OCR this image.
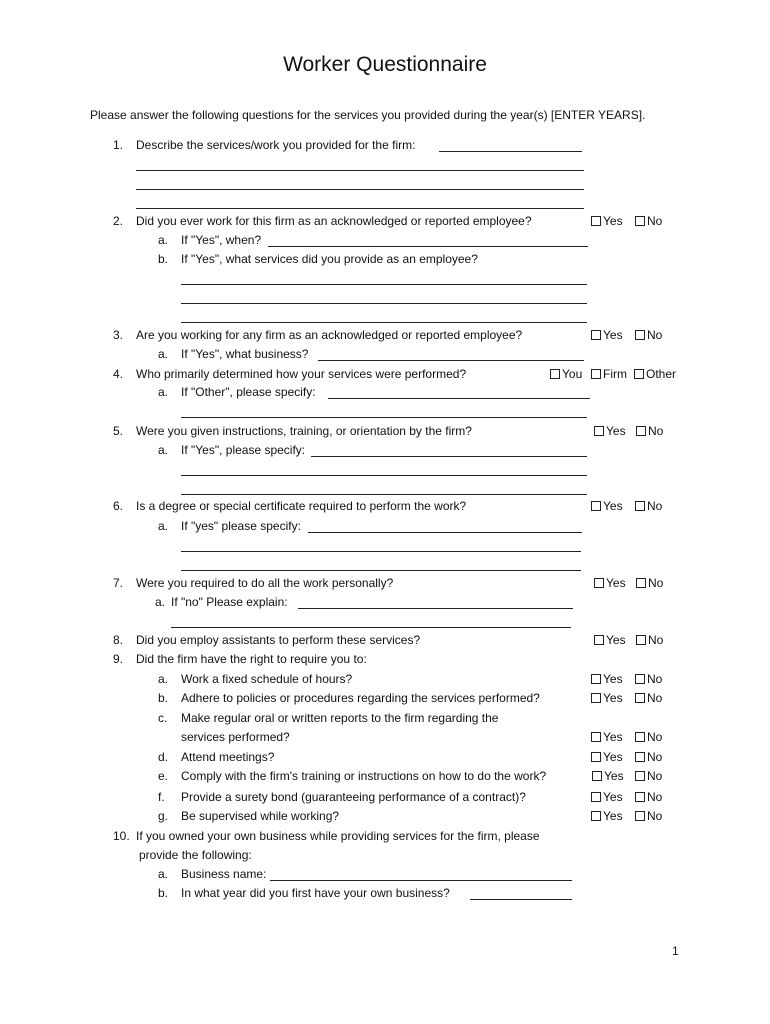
Worker Questionnaire
Please answer the following questions for the services you provided during the year(s) [ENTER YEARS].
1. Describe the services/work you provided for the firm:
2. Did you ever work for this firm as an acknowledged or reported employee?	Yes	No
a. If "Yes", when?
b. If "Yes", what services did you provide as an employee?
3. Are you working for any firm as an acknowledged or reported employee?	Yes	No
a. If "Yes", what business?
4. Who primarily determined how your services were performed?	You	Firm	Other
a. If "Other", please specify:
5. Were you given instructions, training, or orientation by the firm?	Yes	No
a. If "Yes", please specify:
6. Is a degree or special certificate required to perform the work?	Yes	No
a. If "yes" please specify:
7. Were you required to do all the work personally?	Yes	No
a. If "no" Please explain:
8. Did you employ assistants to perform these services?	Yes	No
9. Did the firm have the right to require you to:
a. Work a fixed schedule of hours?	Yes	No
b. Adhere to policies or procedures regarding the services performed?	Yes	No
c. Make regular oral or written reports to the firm regarding the
services performed?	Yes	No
d. Attend meetings?	Yes	No
e. Comply with the firm's training or instructions on how to do the work?	Yes	No
f. Provide a surety bond (guaranteeing performance of a contract)?	Yes	No
g. Be supervised while working?	Yes	No
10. If you owned your own business while providing services for the firm, please
provide the following:
a. Business name:
b. In what year did you first have your own business?
1
